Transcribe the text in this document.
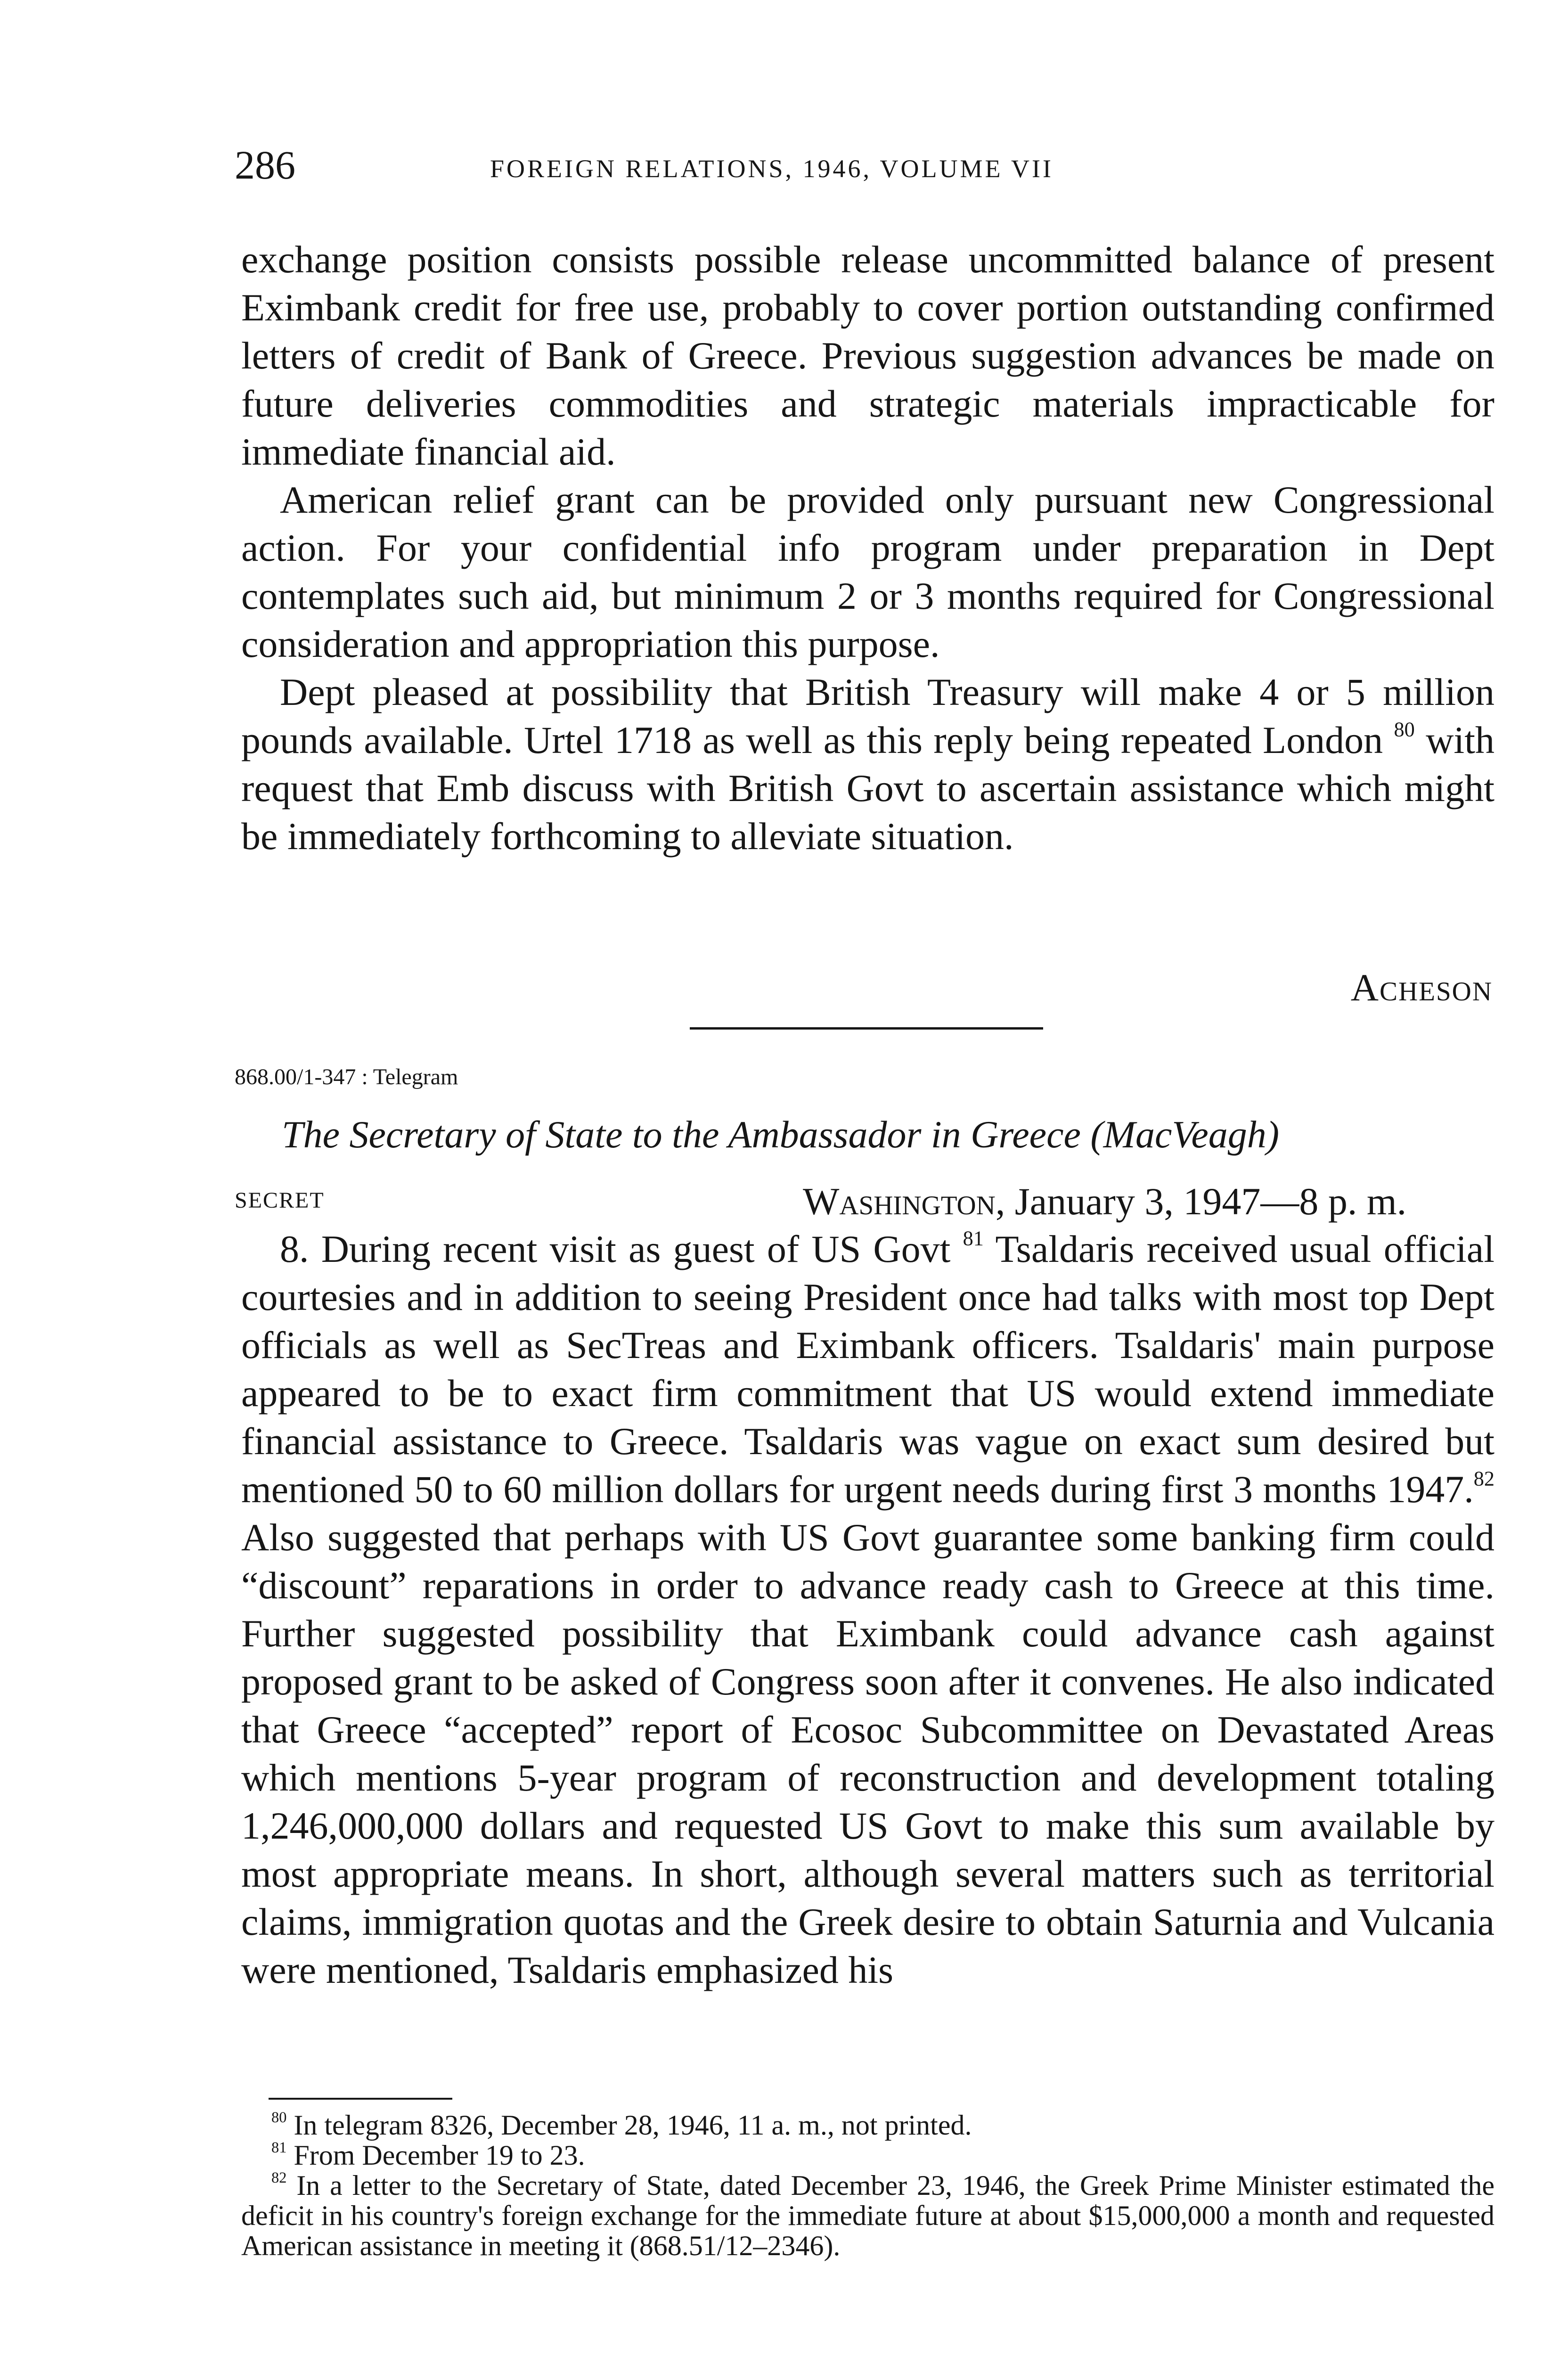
286	FOREIGN RELATIONS, 1946, VOLUME VII

exchange position consists possible release uncommitted balance of present Eximbank credit for free use, probably to cover portion outstanding confirmed letters of credit of Bank of Greece. Previous suggestion advances be made on future deliveries commodities and strategic materials impracticable for immediate financial aid.

American relief grant can be provided only pursuant new Congressional action. For your confidential info program under preparation in Dept contemplates such aid, but minimum 2 or 3 months required for Congressional consideration and appropriation this purpose.

Dept pleased at possibility that British Treasury will make 4 or 5 million pounds available. Urtel 1718 as well as this reply being repeated London $^{80}$ with request that Emb discuss with British Govt to ascertain assistance which might be immediately forthcoming to alleviate situation.

Acheson
868.00/1-347 : Telegram
The Secretary of State to the Ambassador in Greece (MacVeagh)
SECRET	Washington, January 3, 1947—8 p. m.

8. During recent visit as guest of US Govt $^{81}$ Tsaldaris received usual official courtesies and in addition to seeing President once had talks with most top Dept officials as well as SecTreas and Eximbank officers. Tsaldaris' main purpose appeared to be to exact firm commitment that US would extend immediate financial assistance to Greece. Tsaldaris was vague on exact sum desired but mentioned 50 to 60 million dollars for urgent needs during first 3 months 1947.82 Also suggested that perhaps with US Govt guarantee some banking firm could “discount” reparations in order to advance ready cash to Greece at this time. Further suggested possibility that Eximbank could advance cash against proposed grant to be asked of Congress soon after it convenes. He also indicated that Greece “accepted” report of Ecosoc Subcommittee on Devastated Areas which mentions 5-year program of reconstruction and development totaling 1,246,000,000 dollars and requested US Govt to make this sum available by most appropriate means. In short, although several matters such as territorial claims, immigration quotas and the Greek desire to obtain Saturnia and Vulcania were mentioned, Tsaldaris emphasized his

$^{80}$ In telegram 8326, December 28, 1946, 11 a. m., not printed.

$^{81}$ From December 19 to 23.

$^{82}$ In a letter to the Secretary of State, dated December 23, 1946, the Greek Prime Minister estimated the deficit in his country's foreign exchange for the immediate future at about $15,000,000 a month and requested American assistance in meeting it (868.51/12–2346).
